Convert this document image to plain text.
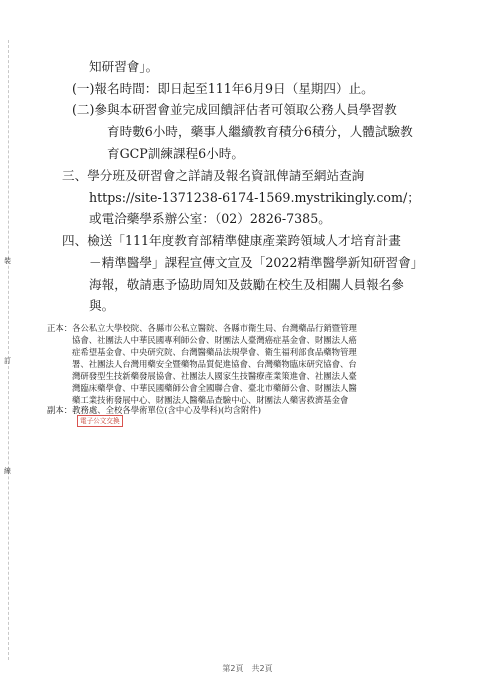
裝
訂
線
知研習會」。
(一)報名時間：即日起至111年6月9日（星期四）止。
(二)參與本研習會並完成回饋評估者可領取公務人員學習教
育時數6小時，藥事人繼續教育積分6積分，人體試驗教
育GCP訓練課程6小時。
三、學分班及研習會之詳請及報名資訊俾請至網站查詢
https://site-1371238-6174-1569.mystrikingly.com/；
或電洽藥學系辦公室：（02）2826-7385。
四、檢送「111年度教育部精準健康產業跨領域人才培育計畫
－精準醫學」課程宣傳文宣及「2022精準醫學新知研習會」
海報，敬請惠予協助周知及鼓勵在校生及相關人員報名參
與。
正本：各公私立大學校院、各縣市公私立醫院、各縣市衛生局、台灣藥品行銷暨管理
協會、社團法人中華民國專利師公會、財團法人臺灣癌症基金會、財團法人癌
症希望基金會、中央研究院、台灣醫藥品法規學會、衛生福利部食品藥物管理
署、社團法人台灣用藥安全暨藥物品質促進協會、台灣藥物臨床研究協會、台
灣研發型生技新藥發展協會、社團法人國家生技醫療產業策進會、社團法人臺
灣臨床藥學會、中華民國藥師公會全國聯合會、臺北市藥師公會、財團法人醫
藥工業技術發展中心、財團法人醫藥品查驗中心、財團法人藥害救濟基金會
副本：教務處、全校各學術單位(含中心及學科)(均含附件)
電子公文交換
第2頁　共2頁
